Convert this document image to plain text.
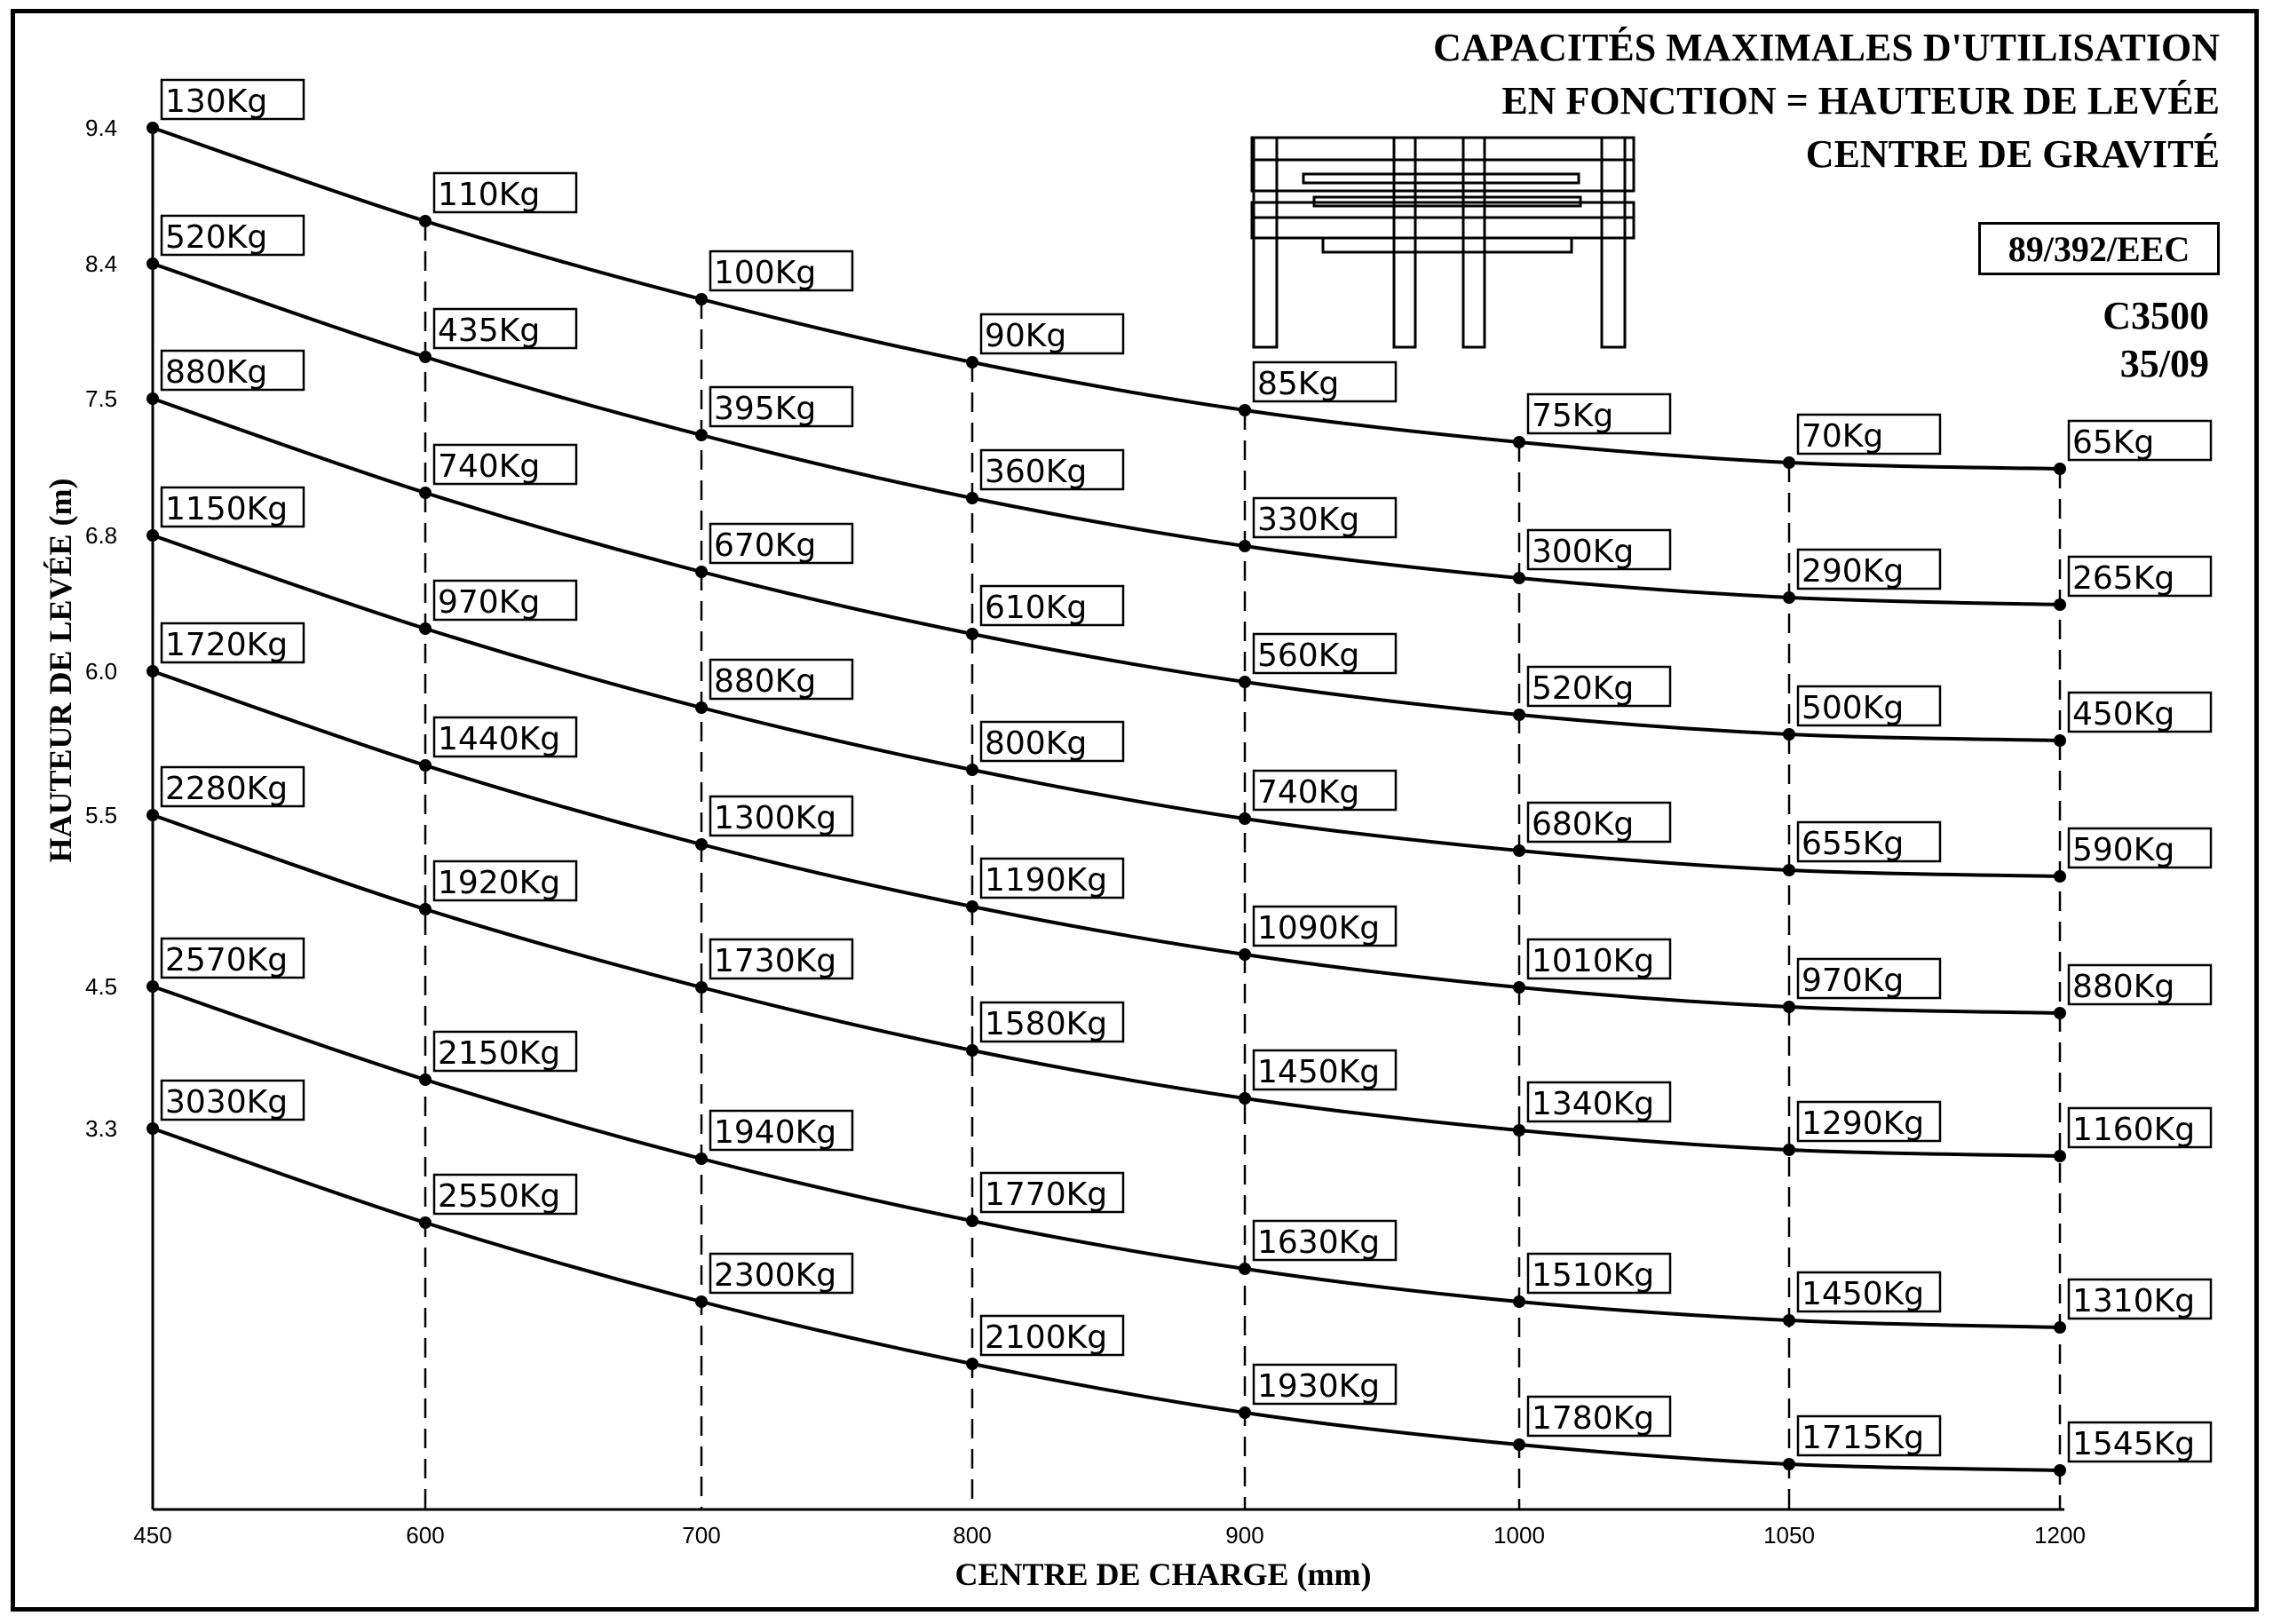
CAPACITÉS MAXIMALES D'UTILISATION
EN FONCTION = HAUTEUR DE LEVÉE
CENTRE DE GRAVITÉ
89/392/EEC
C3500
35/09
HAUTEUR DE LEVÉE (m)
CENTRE DE CHARGE (mm)
450	600	700	800	900	1000	1050	1200
9.4
8.4
7.5
6.8
6.0
5.5
4.5
3.3
130Kg
110Kg
100Kg
90Kg
85Kg
75Kg
70Kg	65Kg
520Kg
435Kg
395Kg
360Kg
330Kg
300Kg
290Kg	265Kg
880Kg
740Kg
670Kg
610Kg
560Kg
520Kg
500Kg	450Kg
1150Kg
970Kg
880Kg
800Kg
740Kg
680Kg
655Kg	590Kg
1720Kg
1440Kg
1300Kg
1190Kg
1090Kg
1010Kg
970Kg	880Kg
2280Kg
1920Kg
1730Kg
1580Kg
1450Kg
1340Kg
1290Kg	1160Kg
2570Kg
2150Kg
1940Kg
1770Kg
1630Kg
1510Kg
1450Kg	1310Kg
3030Kg
2550Kg
2300Kg
2100Kg
1930Kg
1780Kg
1715Kg	1545Kg
